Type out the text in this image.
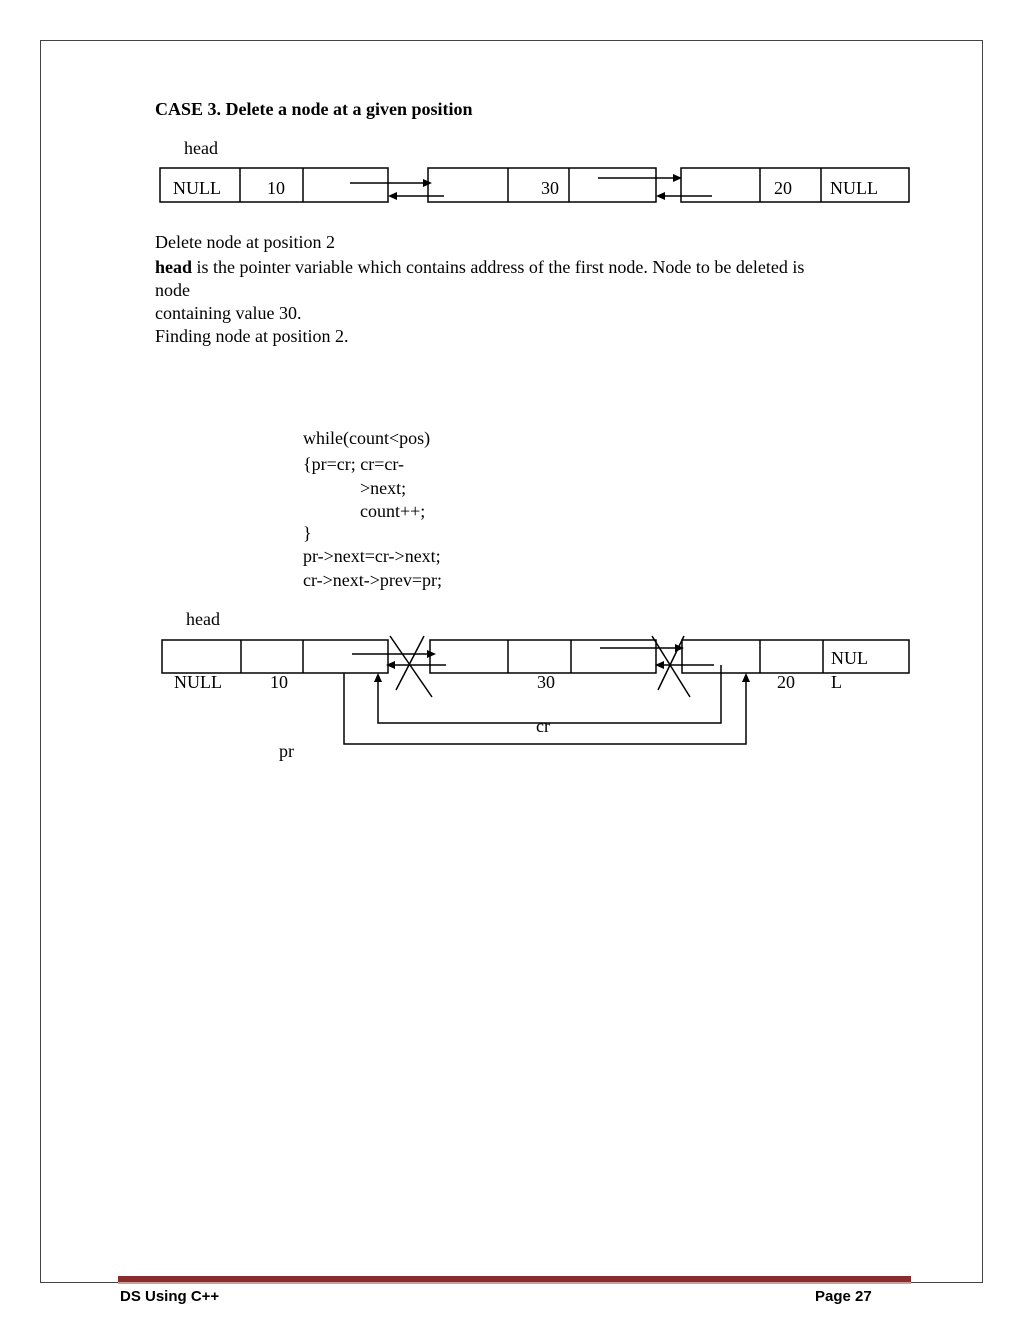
CASE 3. Delete a node at a given position
head
NULL	10	30	20 NULL
Delete node at position 2
head is the pointer variable which contains address of the first node. Node to be deleted is
node
containing value 30.
Finding node at position 2.
while(count<pos)
{pr=cr; cr=cr-
>next;
count++;
}
pr->next=cr->next;
cr->next->prev=pr;
head
NULL	10	30	20
NUL
L
cr
pr
DS Using C++	Page 27
